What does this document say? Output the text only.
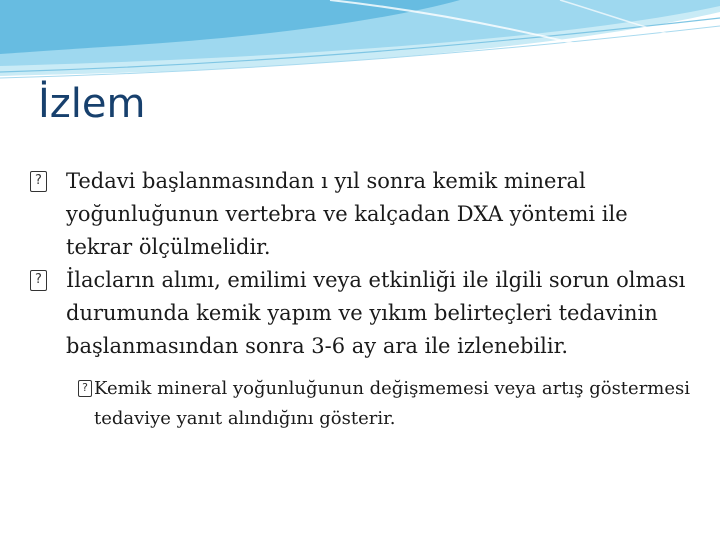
İzlem
? Tedavi başlanmasından ı yıl sonra kemik mineral yoğunluğunun vertebra ve kalçadan DXA yöntemi ile tekrar ölçülmelidir.
? İlacların alımı, emilimi veya etkinliği ile ilgili sorun olması durumunda kemik yapım ve yıkım belirteçleri tedavinin başlanmasından sonra 3-6 ay ara ile izlenebilir.
? Kemik mineral yoğunluğunun değişmemesi veya artış göstermesi tedaviye yanıt alındığını gösterir.
